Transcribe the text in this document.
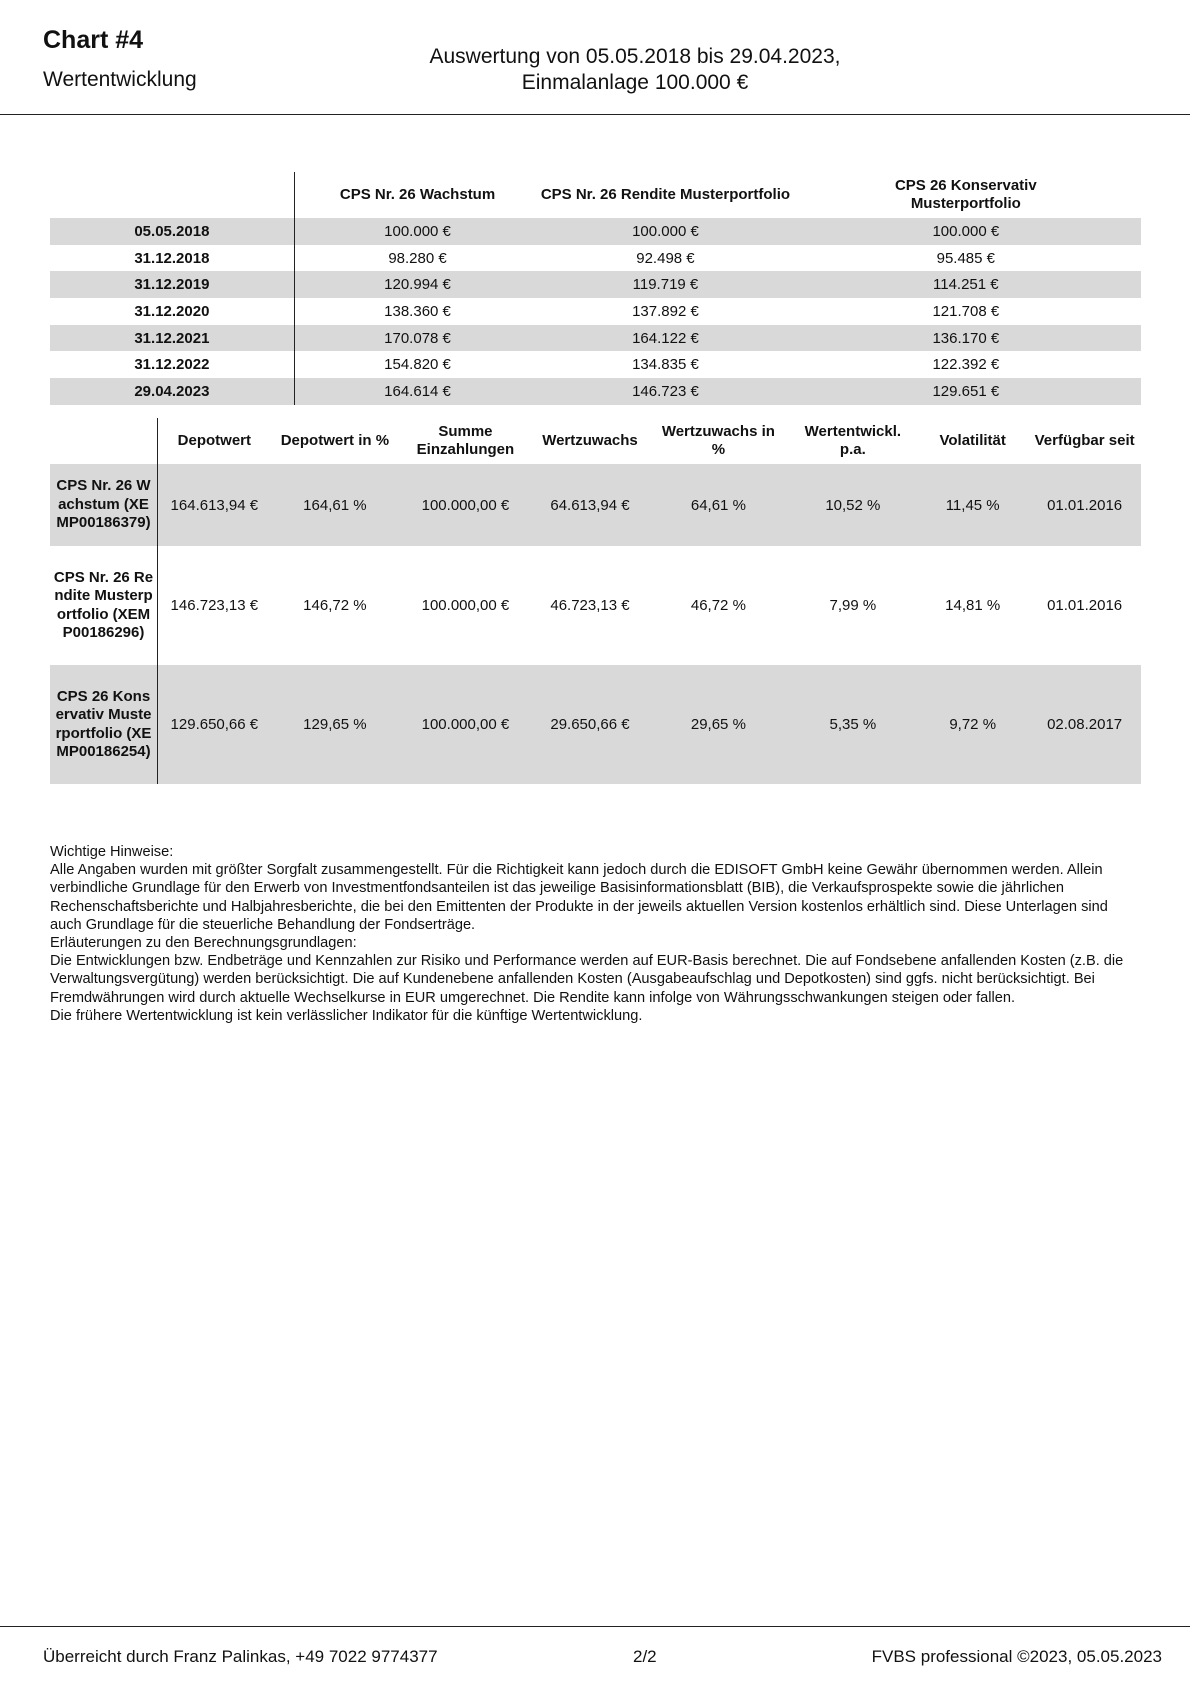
Chart #4
Wertentwicklung
Auswertung von 05.05.2018 bis 29.04.2023,
Einmalanlage 100.000 €
	CPS Nr. 26 Wachstum	CPS Nr. 26 Rendite Musterportfolio	CPS 26 Konservativ Musterportfolio
05.05.2018	100.000 €	100.000 €	100.000 €
31.12.2018	98.280 €	92.498 €	95.485 €
31.12.2019	120.994 €	119.719 €	114.251 €
31.12.2020	138.360 €	137.892 €	121.708 €
31.12.2021	170.078 €	164.122 €	136.170 €
31.12.2022	154.820 €	134.835 €	122.392 €
29.04.2023	164.614 €	146.723 €	129.651 €
	Depotwert	Depotwert in %	Summe Einzahlungen	Wertzuwachs	Wertzuwachs in %	Wertentwickl. p.a.	Volatilität	Verfügbar seit
CPS Nr. 26 Wachstum (XEMP00186379)	164.613,94 €	164,61 %	100.000,00 €	64.613,94 €	64,61 %	10,52 %	11,45 %	01.01.2016
CPS Nr. 26 Rendite Musterportfolio (XEMP00186296)	146.723,13 €	146,72 %	100.000,00 €	46.723,13 €	46,72 %	7,99 %	14,81 %	01.01.2016
CPS 26 Konservativ Musterportfolio (XEMP00186254)	129.650,66 €	129,65 %	100.000,00 €	29.650,66 €	29,65 %	5,35 %	9,72 %	02.08.2017

Wichtige Hinweise:

Alle Angaben wurden mit größter Sorgfalt zusammengestellt. Für die Richtigkeit kann jedoch durch die EDISOFT GmbH keine Gewähr übernommen werden. Allein verbindliche Grundlage für den Erwerb von Investmentfondsanteilen ist das jeweilige Basisinformationsblatt (BIB), die Verkaufsprospekte sowie die jährlichen Rechenschaftsberichte und Halbjahresberichte, die bei den Emittenten der Produkte in der jeweils aktuellen Version kostenlos erhältlich sind. Diese Unterlagen sind auch Grundlage für die steuerliche Behandlung der Fondserträge.

Erläuterungen zu den Berechnungsgrundlagen:

Die Entwicklungen bzw. Endbeträge und Kennzahlen zur Risiko und Performance werden auf EUR-Basis berechnet. Die auf Fondsebene anfallenden Kosten (z.B. die Verwaltungsvergütung) werden berücksichtigt. Die auf Kundenebene anfallenden Kosten (Ausgabeaufschlag und Depotkosten) sind ggfs. nicht berücksichtigt. Bei Fremdwährungen wird durch aktuelle Wechselkurse in EUR umgerechnet. Die Rendite kann infolge von Währungsschwankungen steigen oder fallen.

Die frühere Wertentwicklung ist kein verlässlicher Indikator für die künftige Wertentwicklung.

Überreicht durch Franz Palinkas, +49 7022 9774377	2/2	FVBS professional ©2023, 05.05.2023
